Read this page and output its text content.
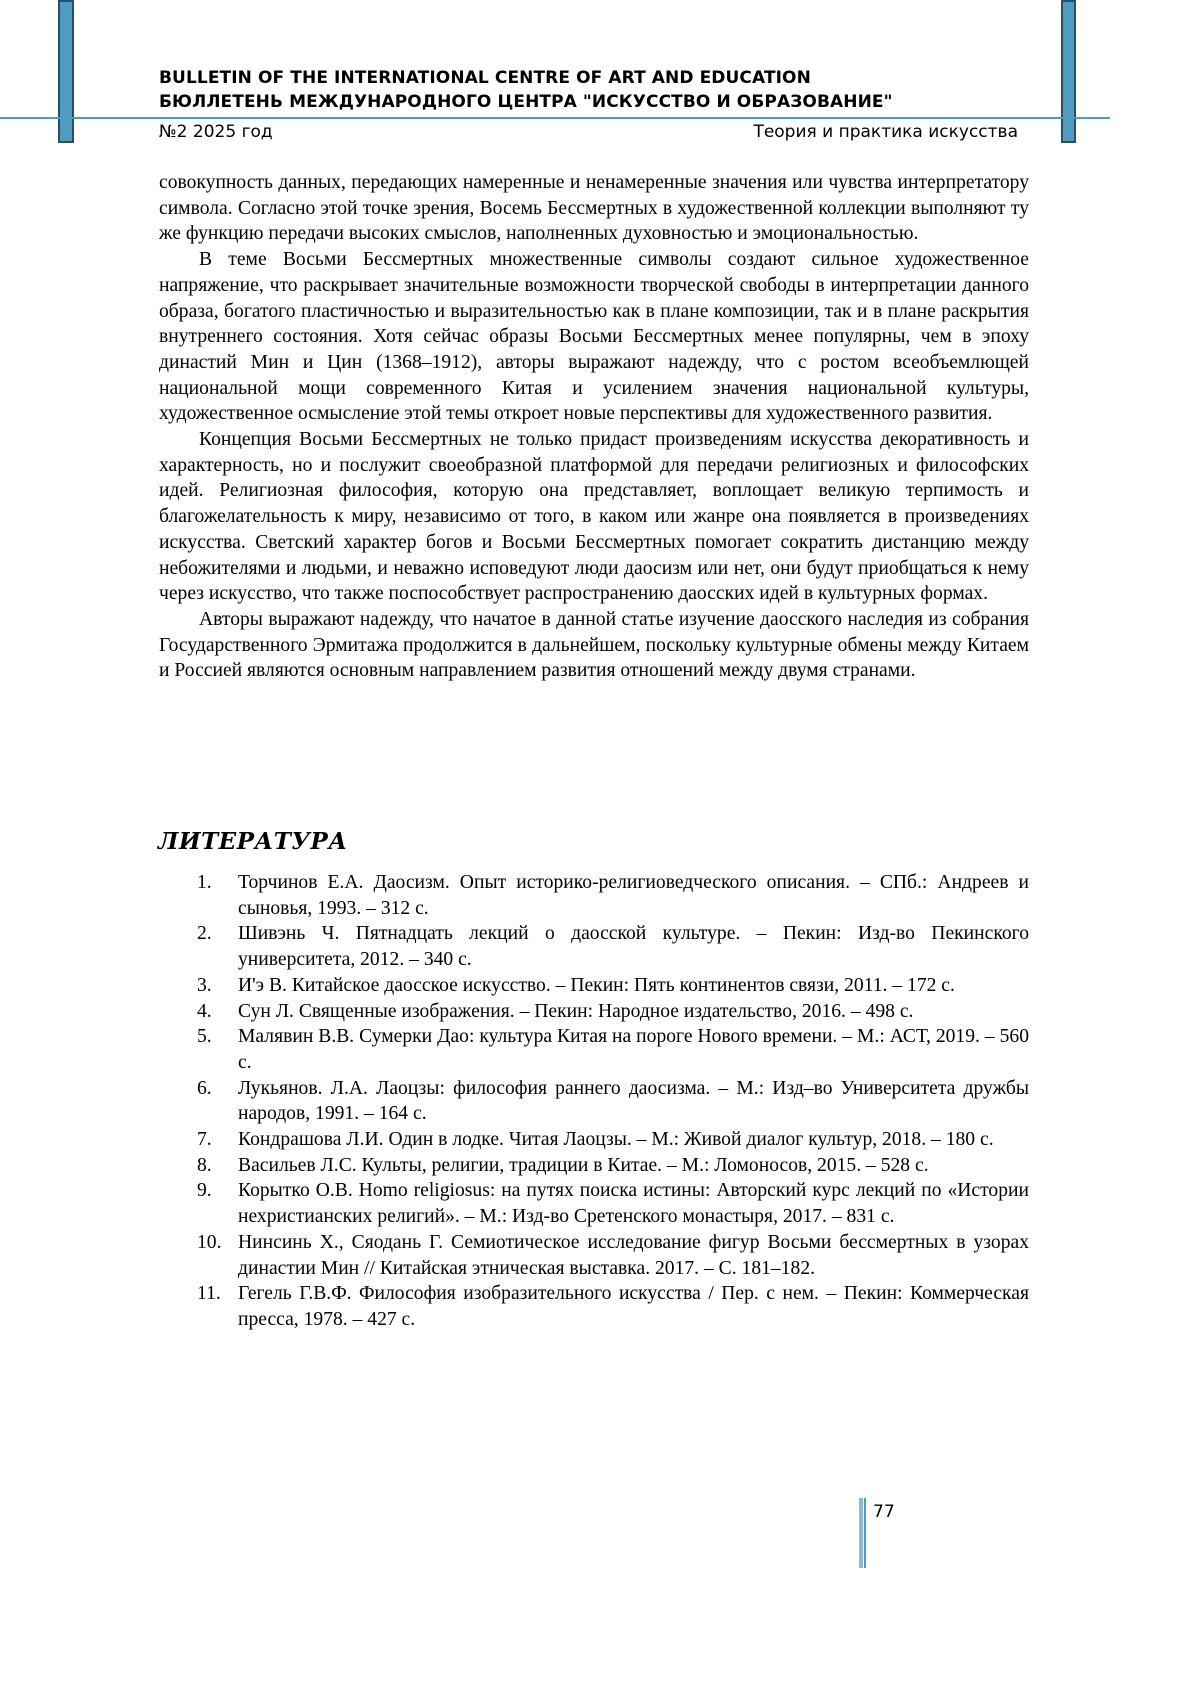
BULLETIN OF THE INTERNATIONAL CENTRE OF ART AND EDUCATION
БЮЛЛЕТЕНЬ МЕЖДУНАРОДНОГО ЦЕНТРА "ИСКУССТВО И ОБРАЗОВАНИЕ"
№2 2025 год	Теория и практика искусства

совокупность данных, передающих намеренные и ненамеренные значения или чувства интерпретатору символа. Согласно этой точке зрения, Восемь Бессмертных в художественной коллекции выполняют ту же функцию передачи высоких смыслов, наполненных духовностью и эмоциональностью.

В теме Восьми Бессмертных множественные символы создают сильное художественное напряжение, что раскрывает значительные возможности творческой свободы в интерпретации данного образа, богатого пластичностью и выразительностью как в плане композиции, так и в плане раскрытия внутреннего состояния. Хотя сейчас образы Восьми Бессмертных менее популярны, чем в эпоху династий Мин и Цин (1368–1912), авторы выражают надежду, что с ростом всеобъемлющей национальной мощи современного Китая и усилением значения национальной культуры, художественное осмысление этой темы откроет новые перспективы для художественного развития.

Концепция Восьми Бессмертных не только придаст произведениям искусства декоративность и характерность, но и послужит своеобразной платформой для передачи религиозных и философских идей. Религиозная философия, которую она представляет, воплощает великую терпимость и благожелательность к миру, независимо от того, в каком или жанре она появляется в произведениях искусства. Светский характер богов и Восьми Бессмертных помогает сократить дистанцию между небожителями и людьми, и неважно исповедуют люди даосизм или нет, они будут приобщаться к нему через искусство, что также поспособствует распространению даосских идей в культурных формах.

Авторы выражают надежду, что начатое в данной статье изучение даосского наследия из собрания Государственного Эрмитажа продолжится в дальнейшем, поскольку культурные обмены между Китаем и Россией являются основным направлением развития отношений между двумя странами.

ЛИТЕРАТУРА
1. Торчинов Е.А. Даосизм. Опыт историко-религиоведческого описания. – СПб.: Андреев и сыновья, 1993. – 312 с.
2. Шивэнь Ч. Пятнадцать лекций о даосской культуре. – Пекин: Изд-во Пекинского университета, 2012. – 340 с.
3. И'э В. Китайское даосское искусство. – Пекин: Пять континентов связи, 2011. – 172 с.
4. Сун Л. Священные изображения. – Пекин: Народное издательство, 2016. – 498 с.
5. Малявин В.В. Сумерки Дао: культура Китая на пороге Нового времени. – М.: АСТ, 2019. – 560 с.
6. Лукьянов. Л.А. Лаоцзы: философия раннего даосизма. – М.: Изд–во Университета дружбы народов, 1991. – 164 с.
7. Кондрашова Л.И. Один в лодке. Читая Лаоцзы. – М.: Живой диалог культур, 2018. – 180 с.
8. Васильев Л.С. Культы, религии, традиции в Китае. – М.: Ломоносов, 2015. – 528 с.
9. Корытко О.В. Homo religiosus: на путях поиска истины: Авторский курс лекций по «Истории нехристианских религий». – М.: Изд-во Сретенского монастыря, 2017. – 831 с.
10. Нинсинь Х., Сяодань Г. Семиотическое исследование фигур Восьми бессмертных в узорах династии Мин // Китайская этническая выставка. 2017. – С. 181–182.
11. Гегель Г.В.Ф. Философия изобразительного искусства / Пер. с нем. – Пекин: Коммерческая пресса, 1978. – 427 с.
77
